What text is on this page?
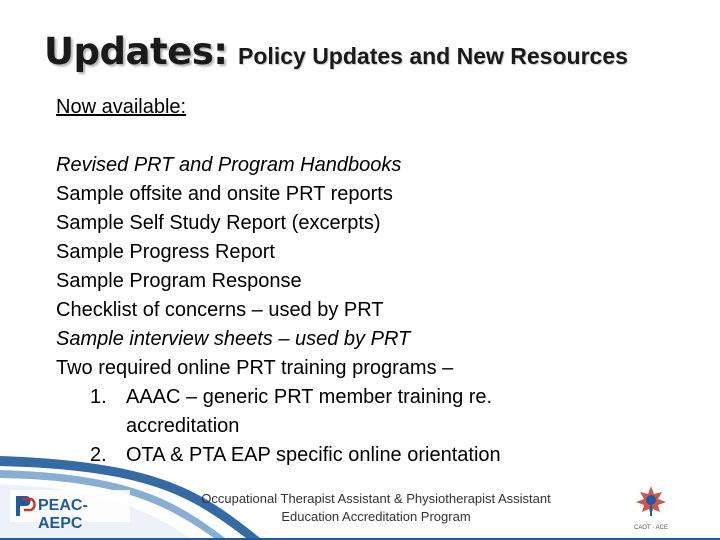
Updates: Policy Updates and New Resources
Now available:
Revised PRT and Program Handbooks
Sample offsite and onsite PRT reports
Sample Self Study Report (excerpts)
Sample Progress Report
Sample Program Response
Checklist of concerns – used by PRT
Sample interview sheets – used by PRT
Two required online PRT training programs –
1. AAAC – generic PRT member training re.
accreditation
2. OTA & PTA EAP specific online orientation
PEAC-AEPC
Occupational Therapist Assistant & Physiotherapist Assistant
Education Accreditation Program
CAOT · ACE
